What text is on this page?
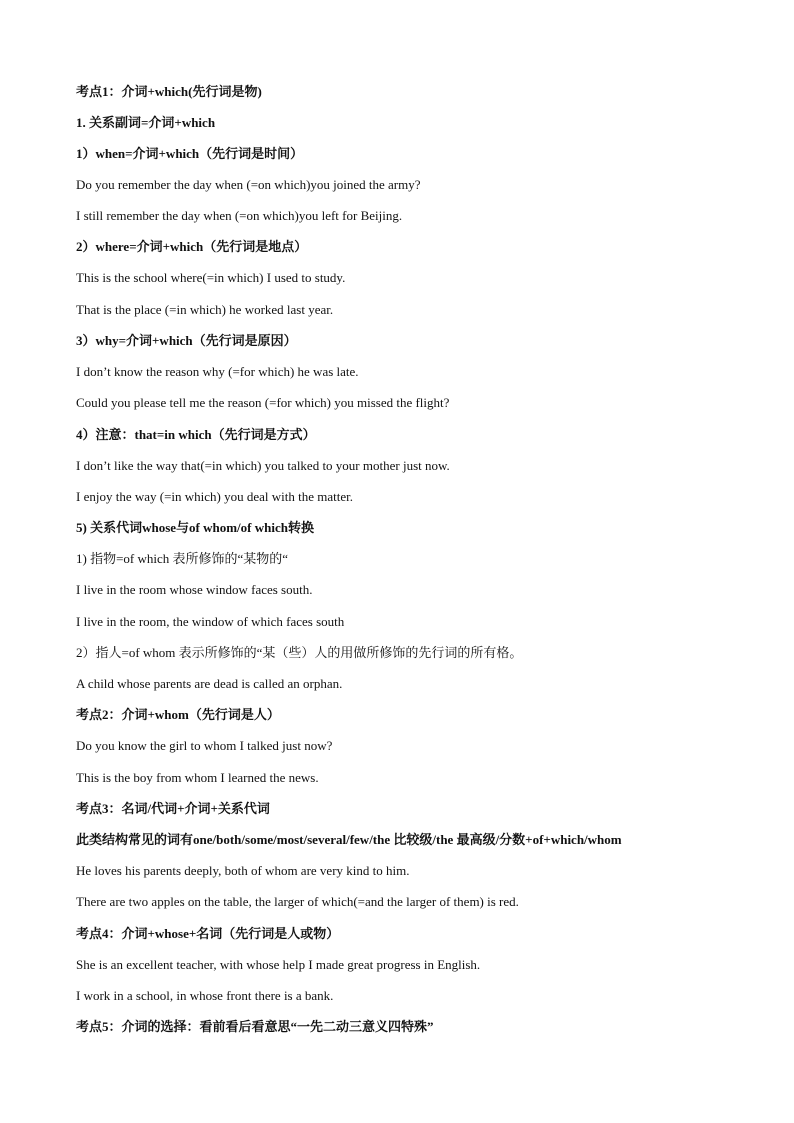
考点1：介词+which(先行词是物)
1. 关系副词=介词+which
1）when=介词+which（先行词是时间）
Do you remember the day when (=on which)you joined the army?
I still remember the day when (=on which)you left for Beijing.
2）where=介词+which（先行词是地点）
This is the school where(=in which) I used to study.
That is the place (=in which) he worked last year.
3）why=介词+which（先行词是原因）
I don’t know the reason why (=for which) he was late.
Could you please tell me the reason (=for which) you missed the flight?
4）注意：that=in which（先行词是方式）
I don’t like the way that(=in which) you talked to your mother just now.
I enjoy the way (=in which) you deal with the matter.
5) 关系代词whose与of whom/of which转换
1) 指物=of which 表所修饰的“某物的“
I live in the room whose window faces south.
I live in the room, the window of which faces south
2）指人=of whom 表示所修饰的“某（些）人的用做所修饰的先行词的所有格。
A child whose parents are dead is called an orphan.
考点2：介词+whom（先行词是人）
Do you know the girl to whom I talked just now?
This is the boy from whom I learned the news.
考点3：名词/代词+介词+关系代词
此类结构常见的词有one/both/some/most/several/few/the 比较级/the 最高级/分数+of+which/whom
He loves his parents deeply, both of whom are very kind to him.
There are two apples on the table, the larger of which(=and the larger of them) is red.
考点4：介词+whose+名词（先行词是人或物）
She is an excellent teacher, with whose help I made great progress in English.
I work in a school, in whose front there is a bank.
考点5：介词的选择：看前看后看意思“一先二动三意义四特殊”
